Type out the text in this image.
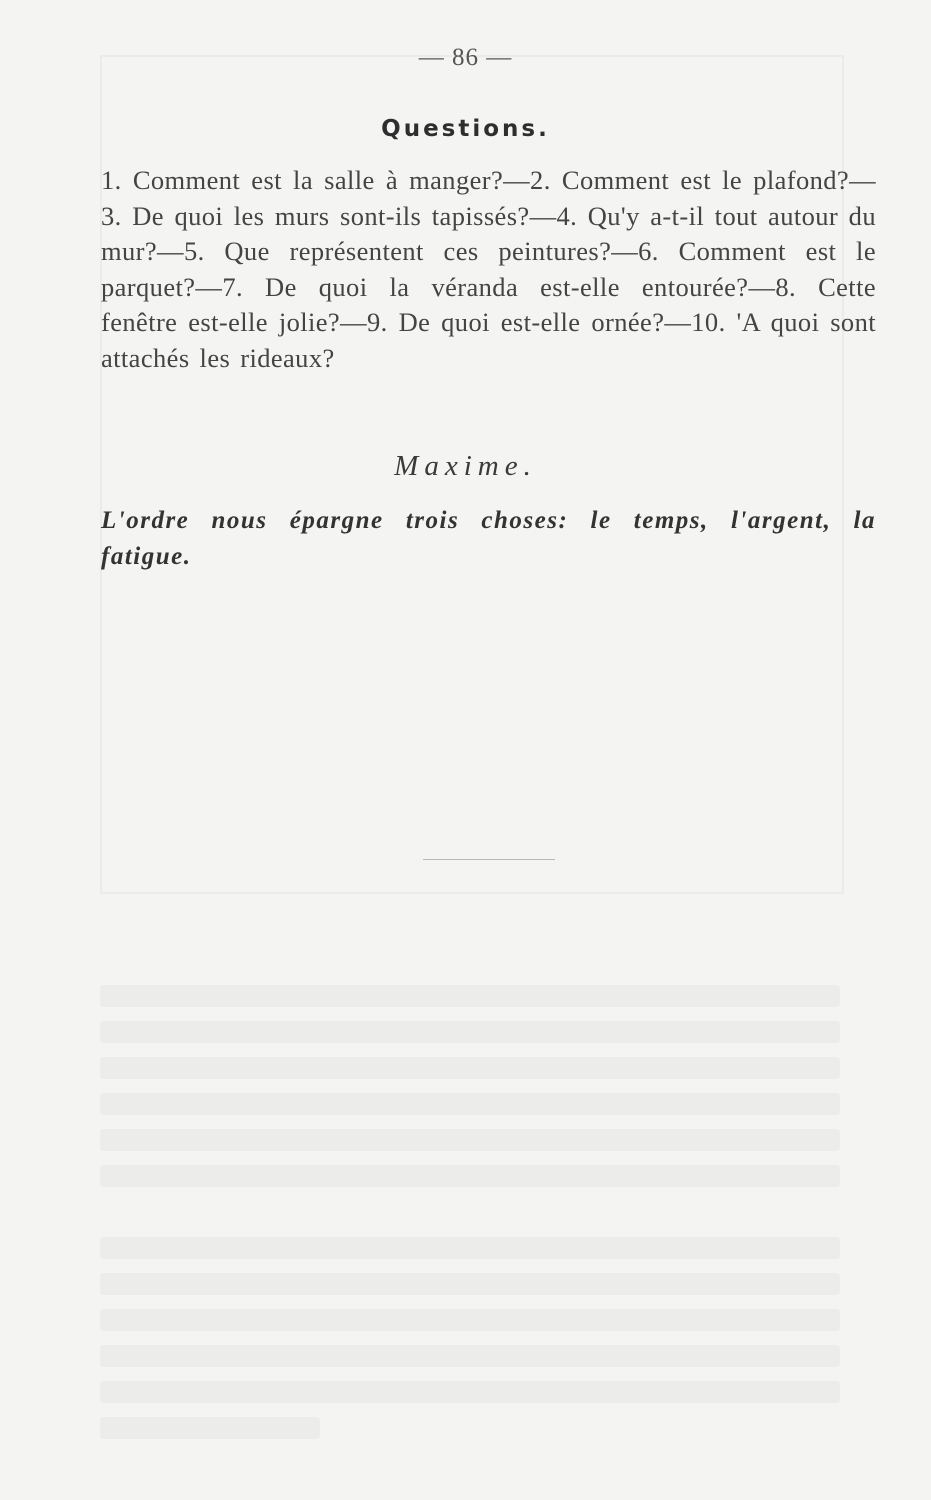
— 86 —
Questions.

1. Comment est la salle à manger?—2. Comment est le plafond?—3. De quoi les murs sont-ils tapissés?—4. Qu'y a-t-il tout autour du mur?—5. Que représentent ces peintures?—6. Comment est le parquet?—7. De quoi la véranda est-elle entourée?—8. Cette fenêtre est-elle jolie?—9. De quoi est-elle ornée?—10. 'A quoi sont attachés les rideaux?

Maxime.

L'ordre nous épargne trois choses: le temps, l'argent, la fatigue.
